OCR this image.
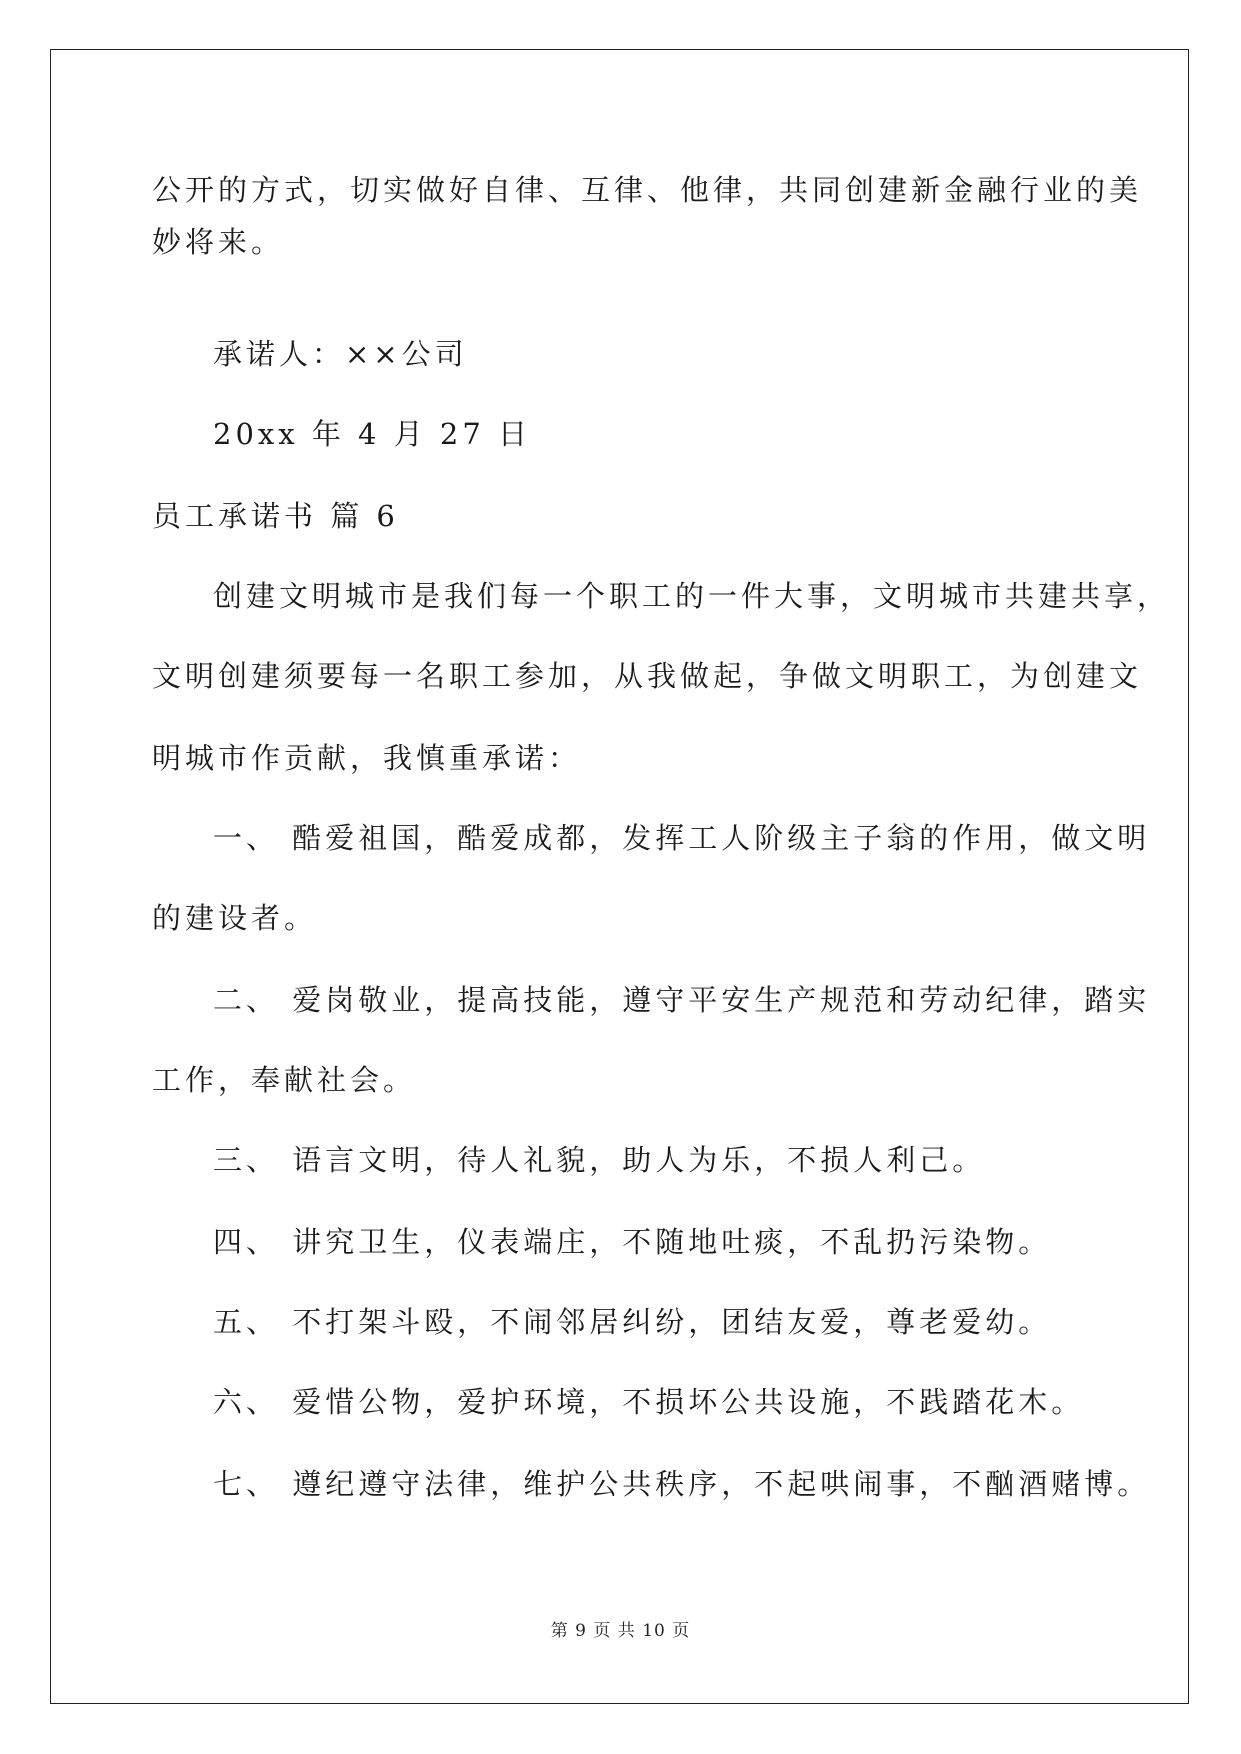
公开的方式，切实做好自律、互律、他律，共同创建新金融行业的美
妙将来。
承诺人：××公司
20xx 年 4 月 27 日
员工承诺书 篇 6
创建文明城市是我们每一个职工的一件大事，文明城市共建共享，
文明创建须要每一名职工参加，从我做起，争做文明职工，为创建文
明城市作贡献，我慎重承诺：
一、 酷爱祖国，酷爱成都，发挥工人阶级主子翁的作用，做文明
的建设者。
二、 爱岗敬业，提高技能，遵守平安生产规范和劳动纪律，踏实
工作，奉献社会。
三、 语言文明，待人礼貌，助人为乐，不损人利己。
四、 讲究卫生，仪表端庄，不随地吐痰，不乱扔污染物。
五、 不打架斗殴，不闹邻居纠纷，团结友爱，尊老爱幼。
六、 爱惜公物，爱护环境，不损坏公共设施，不践踏花木。
七、 遵纪遵守法律，维护公共秩序，不起哄闹事，不酗酒赌博。
第 9 页 共 10 页
